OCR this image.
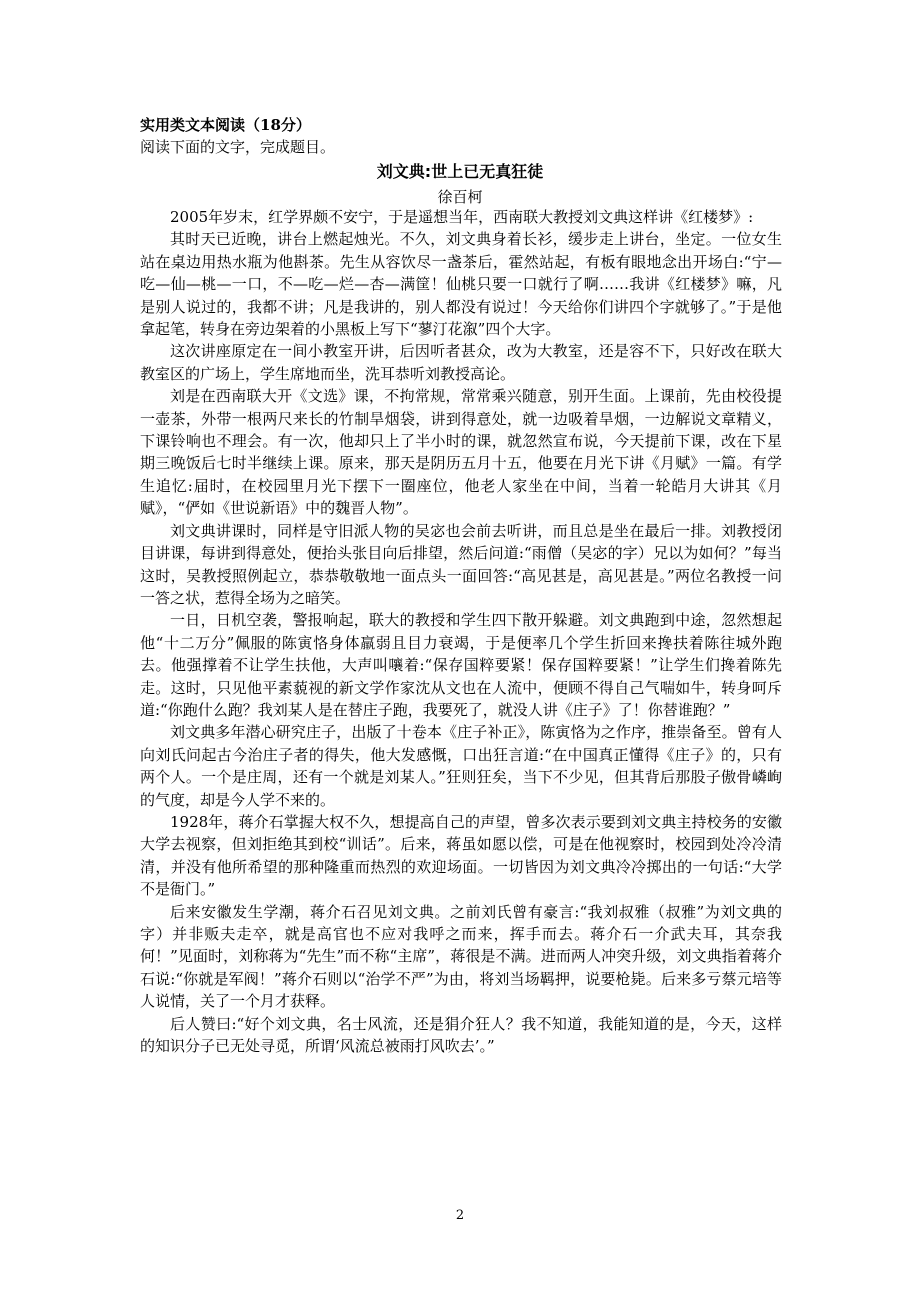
实用类文本阅读（18分）
阅读下面的文字，完成题目。
刘文典:世上已无真狂徒
徐百柯

2005年岁末，红学界颇不安宁，于是遥想当年，西南联大教授刘文典这样讲《红楼梦》:

其时天已近晚，讲台上燃起烛光。不久，刘文典身着长衫，缓步走上讲台，坐定。一位女生站在桌边用热水瓶为他斟茶。先生从容饮尽一盏茶后，霍然站起，有板有眼地念出开场白:“宁—吃—仙—桃—一口，不—吃—烂—杏—满筐！仙桃只要一口就行了啊……我讲《红楼梦》嘛，凡是别人说过的，我都不讲；凡是我讲的，别人都没有说过！今天给你们讲四个字就够了。”于是他拿起笔，转身在旁边架着的小黑板上写下“蓼汀花溆”四个大字。

这次讲座原定在一间小教室开讲，后因听者甚众，改为大教室，还是容不下，只好改在联大教室区的广场上，学生席地而坐，洗耳恭听刘教授高论。

刘是在西南联大开《文选》课，不拘常规，常常乘兴随意，别开生面。上课前，先由校役提一壶茶，外带一根两尺来长的竹制旱烟袋，讲到得意处，就一边吸着旱烟，一边解说文章精义，下课铃响也不理会。有一次，他却只上了半小时的课，就忽然宣布说，今天提前下课，改在下星期三晚饭后七时半继续上课。原来，那天是阴历五月十五，他要在月光下讲《月赋》一篇。有学生追忆:届时，在校园里月光下摆下一圈座位，他老人家坐在中间，当着一轮皓月大讲其《月赋》，“俨如《世说新语》中的魏晋人物”。

刘文典讲课时，同样是守旧派人物的吴宓也会前去听讲，而且总是坐在最后一排。刘教授闭目讲课，每讲到得意处，便抬头张目向后排望，然后问道:“雨僧（吴宓的字）兄以为如何？”每当这时，吴教授照例起立，恭恭敬敬地一面点头一面回答:“高见甚是，高见甚是。”两位名教授一问一答之状，惹得全场为之暗笑。

一日，日机空袭，警报响起，联大的教授和学生四下散开躲避。刘文典跑到中途，忽然想起他“十二万分”佩服的陈寅恪身体羸弱且目力衰竭，于是便率几个学生折回来搀扶着陈往城外跑去。他强撑着不让学生扶他，大声叫嚷着:“保存国粹要紧！保存国粹要紧！”让学生们搀着陈先走。这时，只见他平素藐视的新文学作家沈从文也在人流中，便顾不得自己气喘如牛，转身呵斥道:“你跑什么跑？我刘某人是在替庄子跑，我要死了，就没人讲《庄子》了！你替谁跑？”

刘文典多年潜心研究庄子，出版了十卷本《庄子补正》，陈寅恪为之作序，推崇备至。曾有人向刘氏问起古今治庄子者的得失，他大发感慨，口出狂言道:“在中国真正懂得《庄子》的，只有两个人。一个是庄周，还有一个就是刘某人。”狂则狂矣，当下不少见，但其背后那股子傲骨嶙峋的气度，却是今人学不来的。

1928年，蒋介石掌握大权不久，想提高自己的声望，曾多次表示要到刘文典主持校务的安徽大学去视察，但刘拒绝其到校“训话”。后来，蒋虽如愿以偿，可是在他视察时，校园到处冷冷清清，并没有他所希望的那种隆重而热烈的欢迎场面。一切皆因为刘文典冷冷掷出的一句话:“大学不是衙门。”

后来安徽发生学潮，蒋介石召见刘文典。之前刘氏曾有豪言:“我刘叔雅（叔雅”为刘文典的字）并非贩夫走卒，就是高官也不应对我呼之而来，挥手而去。蒋介石一介武夫耳，其奈我何！”见面时，刘称蒋为“先生”而不称“主席”，蒋很是不满。进而两人冲突升级，刘文典指着蒋介石说:“你就是军阀！”蒋介石则以“治学不严”为由，将刘当场羁押，说要枪毙。后来多亏蔡元培等人说情，关了一个月才获释。

后人赞曰:“好个刘文典，名士风流，还是狷介狂人？我不知道，我能知道的是，今天，这样的知识分子已无处寻觅，所谓‘风流总被雨打风吹去’。”

2
